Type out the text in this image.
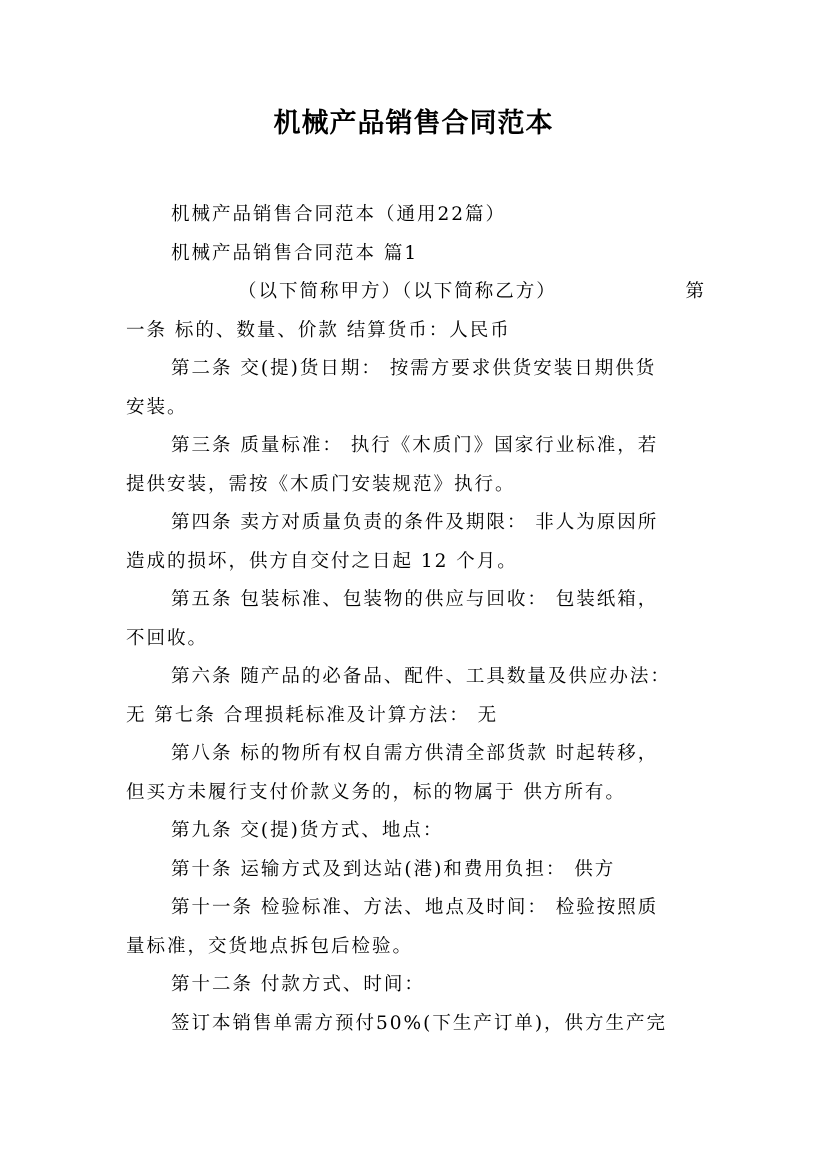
机械产品销售合同范本
机械产品销售合同范本（通用22篇）
机械产品销售合同范本 篇1
（以下简称甲方）（以下简称乙方）	第
一条 标的、数量、价款 结算货币：人民币
第二条 交(提)货日期： 按需方要求供货安装日期供货
安装。
第三条 质量标准： 执行《木质门》国家行业标准，若
提供安装，需按《木质门安装规范》执行。
第四条 卖方对质量负责的条件及期限： 非人为原因所
造成的损坏，供方自交付之日起 12 个月。
第五条 包装标准、包装物的供应与回收： 包装纸箱，
不回收。
第六条 随产品的必备品、配件、工具数量及供应办法：
无 第七条 合理损耗标准及计算方法： 无
第八条 标的物所有权自需方供清全部货款 时起转移，
但买方未履行支付价款义务的，标的物属于 供方所有。
第九条 交(提)货方式、地点：
第十条 运输方式及到达站(港)和费用负担： 供方
第十一条 检验标准、方法、地点及时间： 检验按照质
量标准，交货地点拆包后检验。
第十二条 付款方式、时间：
签订本销售单需方预付50%(下生产订单)，供方生产完
